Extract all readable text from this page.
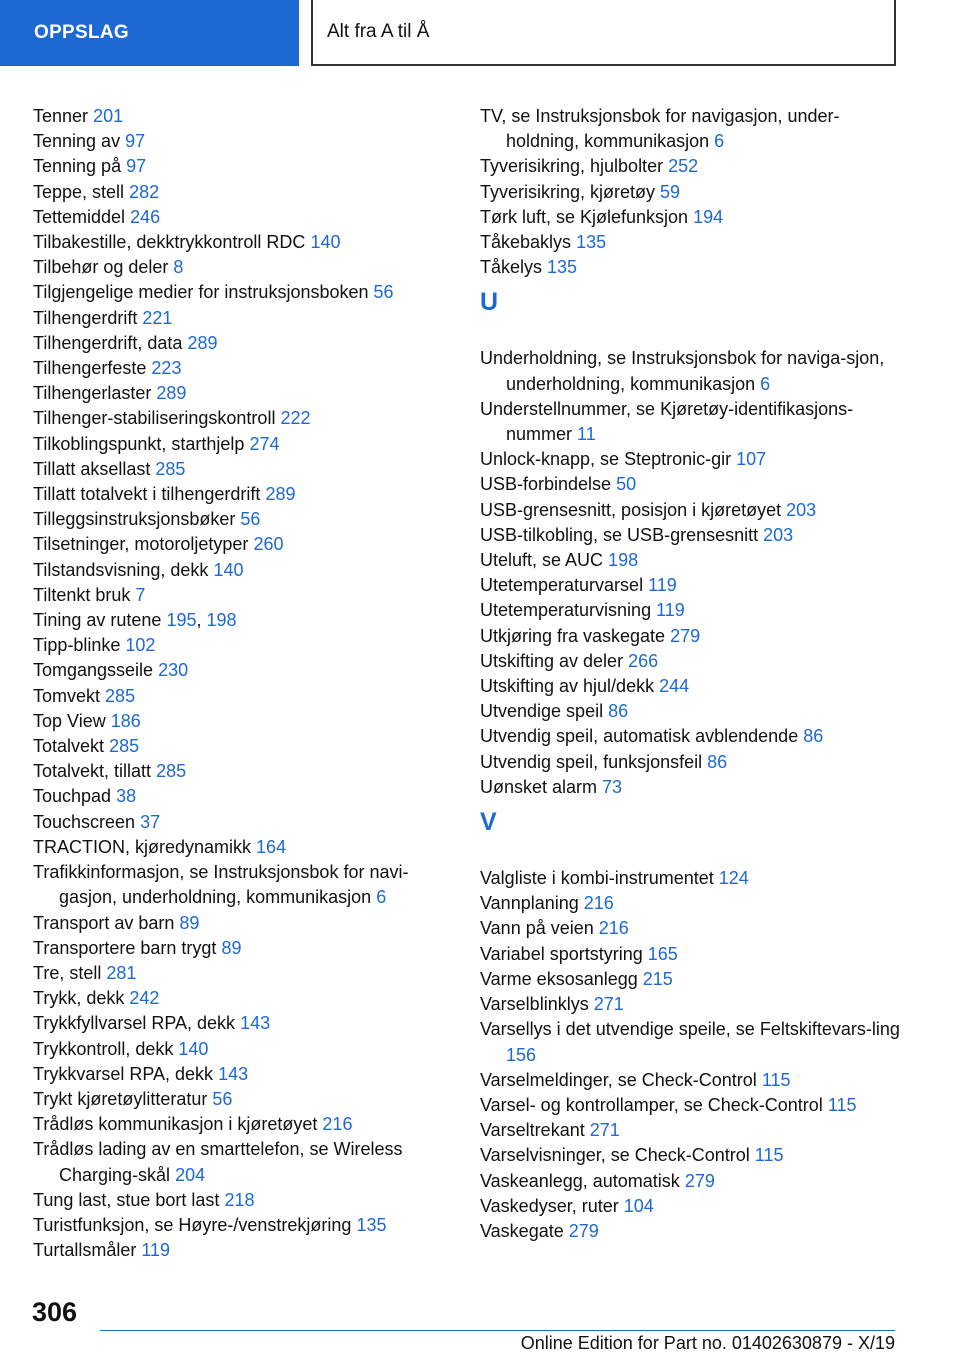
OPPSLAG	Alt fra A til Å
Tenner 201
Tenning av 97
Tenning på 97
Teppe, stell 282
Tettemiddel 246
Tilbakestille, dekktrykkontroll RDC 140
Tilbehør og deler 8
Tilgjengelige medier for instruksjonsboken 56
Tilhengerdrift 221
Tilhengerdrift, data 289
Tilhengerfeste 223
Tilhengerlaster 289
Tilhenger-stabiliseringskontroll 222
Tilkoblingspunkt, starthjelp 274
Tillatt aksellast 285
Tillatt totalvekt i tilhengerdrift 289
Tilleggsinstruksjonsbøker 56
Tilsetninger, motoroljetyper 260
Tilstandsvisning, dekk 140
Tiltenkt bruk 7
Tining av rutene 195, 198
Tipp-blinke 102
Tomgangsseile 230
Tomvekt 285
Top View 186
Totalvekt 285
Totalvekt, tillatt 285
Touchpad 38
Touchscreen 37
TRACTION, kjøredynamikk 164
Trafikkinformasjon, se Instruksjonsbok for navi-gasjon, underholdning, kommunikasjon 6
Transport av barn 89
Transportere barn trygt 89
Tre, stell 281
Trykk, dekk 242
Trykkfyllvarsel RPA, dekk 143
Trykkontroll, dekk 140
Trykkvarsel RPA, dekk 143
Trykt kjøretøylitteratur 56
Trådløs kommunikasjon i kjøretøyet 216
Trådløs lading av en smarttelefon, se Wireless Charging-skål 204
Tung last, stue bort last 218
Turistfunksjon, se Høyre-/venstrekjøring 135
Turtallsmåler 119
TV, se Instruksjonsbok for navigasjon, under-holdning, kommunikasjon 6
Tyverisikring, hjulbolter 252
Tyverisikring, kjøretøy 59
Tørk luft, se Kjølefunksjon 194
Tåkebaklys 135
Tåkelys 135
U
Underholdning, se Instruksjonsbok for naviga-sjon, underholdning, kommunikasjon 6
Understellnummer, se Kjøretøy-identifikasjons-nummer 11
Unlock-knapp, se Steptronic-gir 107
USB-forbindelse 50
USB-grensesnitt, posisjon i kjøretøyet 203
USB-tilkobling, se USB-grensesnitt 203
Uteluft, se AUC 198
Utetemperaturvarsel 119
Utetemperaturvisning 119
Utkjøring fra vaskegate 279
Utskifting av deler 266
Utskifting av hjul/dekk 244
Utvendige speil 86
Utvendig speil, automatisk avblendende 86
Utvendig speil, funksjonsfeil 86
Uønsket alarm 73
V
Valgliste i kombi-instrumentet 124
Vannplaning 216
Vann på veien 216
Variabel sportstyring 165
Varme eksosanlegg 215
Varselblinklys 271
Varsellys i det utvendige speile, se Feltskiftevars-ling 156
Varselmeldinger, se Check-Control 115
Varsel- og kontrollamper, se Check-Control 115
Varseltrekant 271
Varselvisninger, se Check-Control 115
Vaskeanlegg, automatisk 279
Vaskedyser, ruter 104
Vaskegate 279
306
Online Edition for Part no. 01402630879 - X/19
